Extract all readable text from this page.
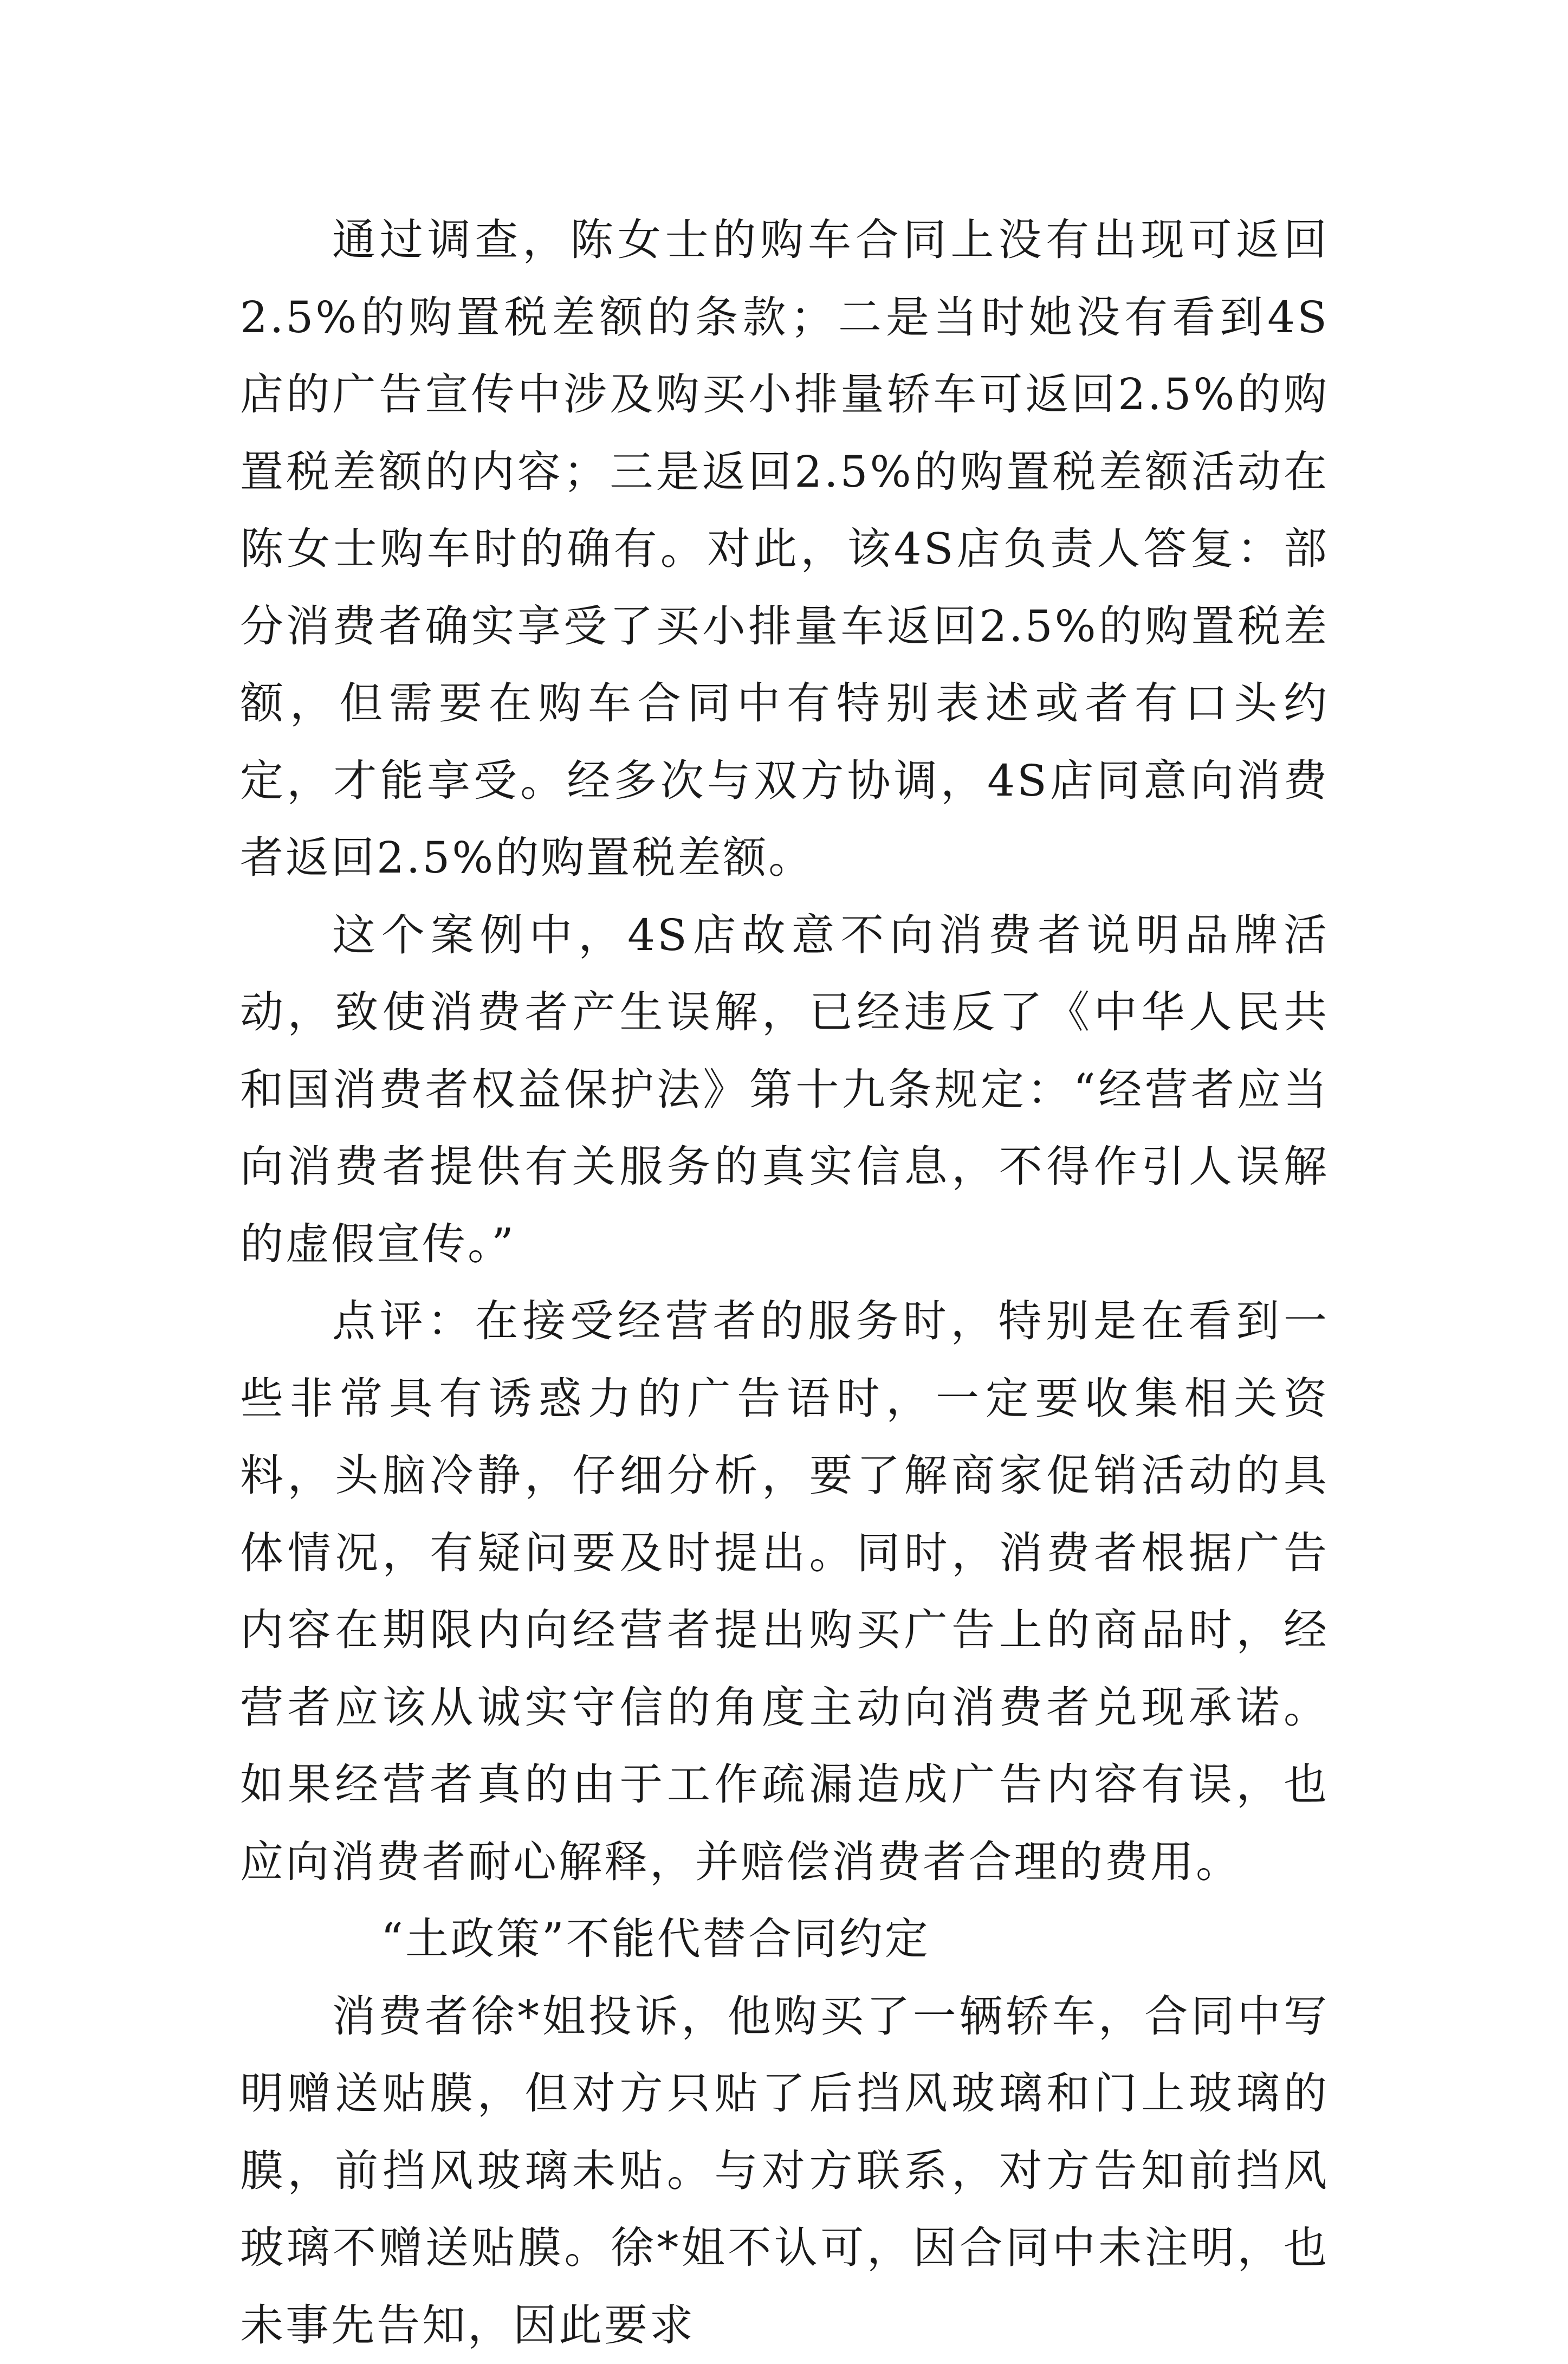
通过调查，陈女士的购车合同上没有出现可返回2.5%的购置税差额的条款；二是当时她没有看到4S店的广告宣传中涉及购买小排量轿车可返回2.5%的购置税差额的内容；三是返回2.5%的购置税差额活动在陈女士购车时的确有。对此，该4S店负责人答复：部分消费者确实享受了买小排量车返回2.5%的购置税差额，但需要在购车合同中有特别表述或者有口头约定，才能享受。经多次与双方协调，4S店同意向消费者返回2.5%的购置税差额。

这个案例中，4S店故意不向消费者说明品牌活动，致使消费者产生误解，已经违反了《中华人民共和国消费者权益保护法》第十九条规定：“经营者应当向消费者提供有关服务的真实信息，不得作引人误解的虚假宣传。”

点评：在接受经营者的服务时，特别是在看到一些非常具有诱惑力的广告语时，一定要收集相关资料，头脑冷静，仔细分析，要了解商家促销活动的具体情况，有疑问要及时提出。同时，消费者根据广告内容在期限内向经营者提出购买广告上的商品时，经营者应该从诚实守信的角度主动向消费者兑现承诺。如果经营者真的由于工作疏漏造成广告内容有误，也应向消费者耐心解释，并赔偿消费者合理的费用。

“土政策”不能代替合同约定

消费者徐*姐投诉，他购买了一辆轿车，合同中写明赠送贴膜，但对方只贴了后挡风玻璃和门上玻璃的膜，前挡风玻璃未贴。与对方联系，对方告知前挡风玻璃不赠送贴膜。徐*姐不认可，因合同中未注明，也未事先告知，因此要求
